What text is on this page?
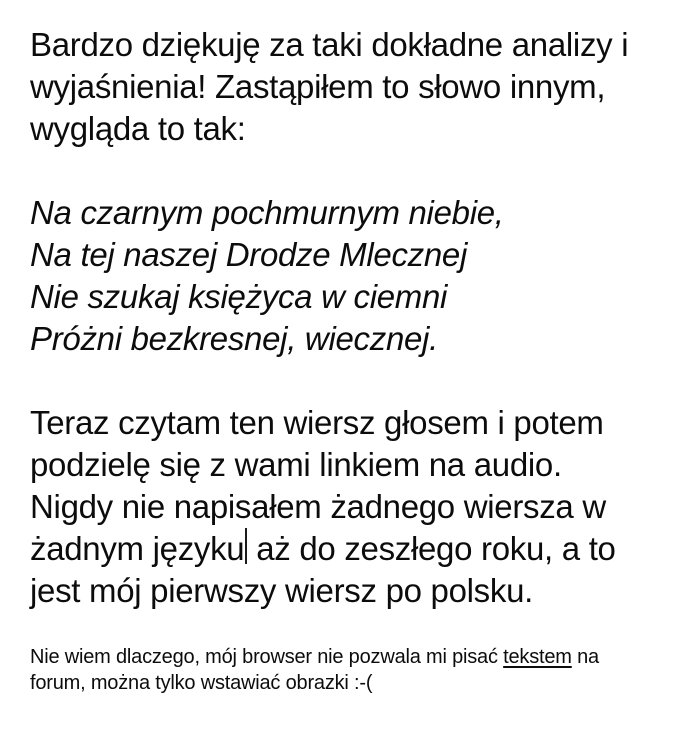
Bardzo dziękuję za taki dokładne analizy i
wyjaśnienia! Zastąpiłem to słowo innym,
wygląda to tak:
Na czarnym pochmurnym niebie,
Na tej naszej Drodze Mlecznej
Nie szukaj księżyca w ciemni
Próżni bezkresnej, wiecznej.
Teraz czytam ten wiersz głosem i potem
podzielę się z wami linkiem na audio.
Nigdy nie napisałem żadnego wiersza w
żadnym języku aż do zeszłego roku, a to
jest mój pierwszy wiersz po polsku.
Nie wiem dlaczego, mój browser nie pozwala mi pisać tekstem na
forum, można tylko wstawiać obrazki :-(
